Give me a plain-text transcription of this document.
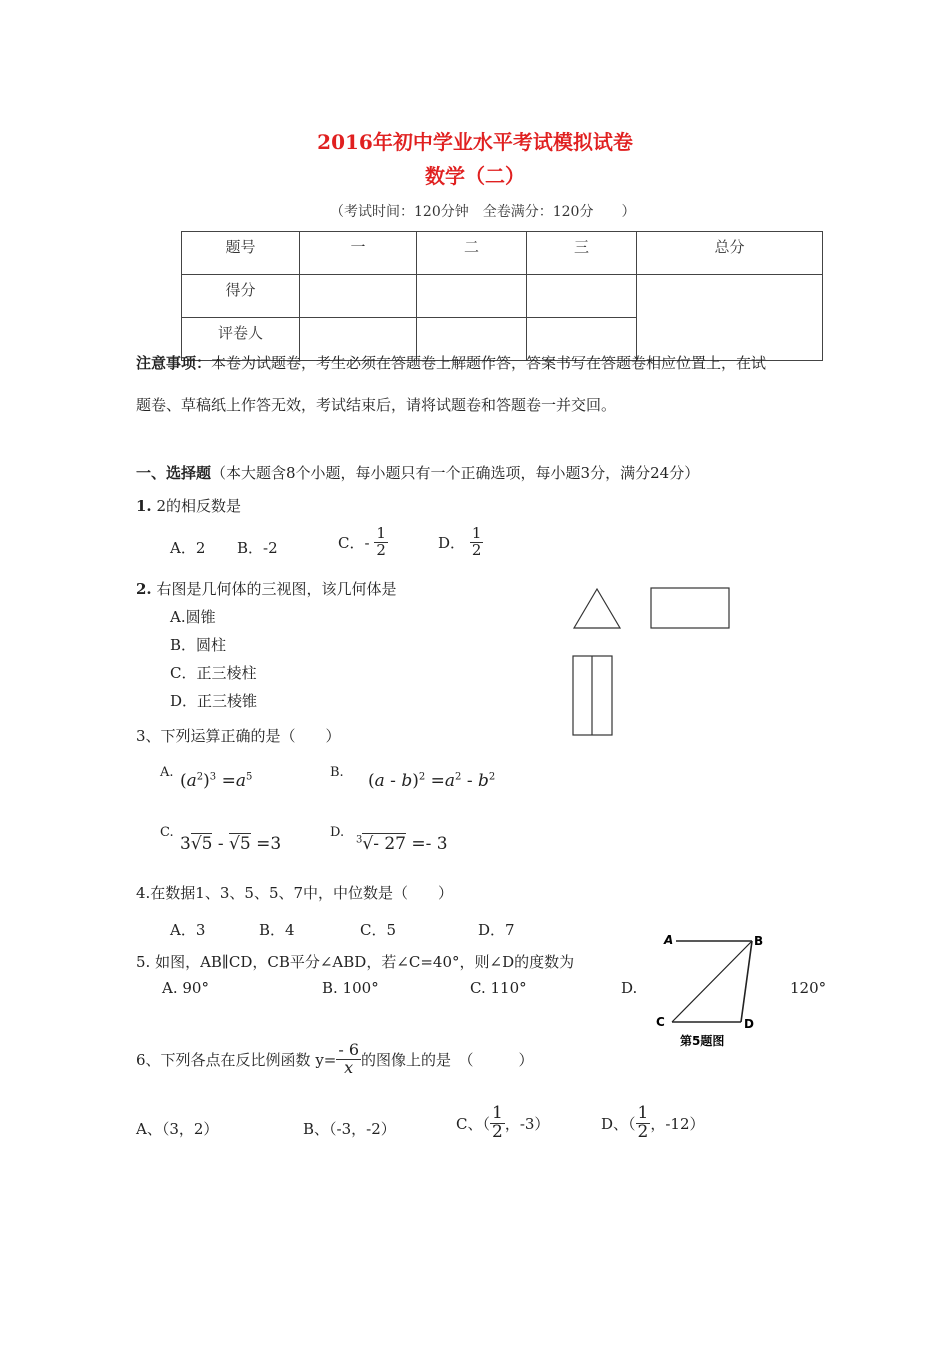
2016年初中学业水平考试模拟试卷
数学（二）
（考试时间：120分钟　全卷满分：120分　　）
题号	一	二	三	总分
得分				
评卷人				
注意事项：本卷为试题卷，考生必须在答题卷上解题作答，答案书写在答题卷相应位置上，在试
题卷、草稿纸上作答无效，考试结束后，请将试题卷和答题卷一并交回。
一、选择题（本大题含8个小题，每小题只有一个正确选项，每小题3分，满分24分）
1. 2的相反数是
A．2 B．-2	C．- $\frac{1}{2}$	D． $\frac{1}{2}$
2. 右图是几何体的三视图，该几何体是
A.圆锥
B．圆柱
C．正三棱柱
D．正三棱锥
3、下列运算正确的是（　　）
A. $(a^2)^3 =a^5$	B. $(a - b)^2 =a^2 - b^2$
C.
3√5 - √5 =3
D. $^3$√- 27 =- 3
4.在数据1、3、5、5、7中，中位数是（　　）
A．3	B．4	C．5	D．7
5. 如图，AB∥CD，CB平分∠ABD，若∠C=40°，则∠D的度数为
A. 90°	B. 100°	C. 110°	D.	120°
A	B
C	D
第5题图
6、下列各点在反比例函数 $y= \frac{- 6}{x}$ 的图像上的是　（　　　）
A、（3，2）	B、（-3，-2）	C、（ $\frac{1}{2}$ ，-3）	D、（ $\frac{1}{2}$ ，-12）
